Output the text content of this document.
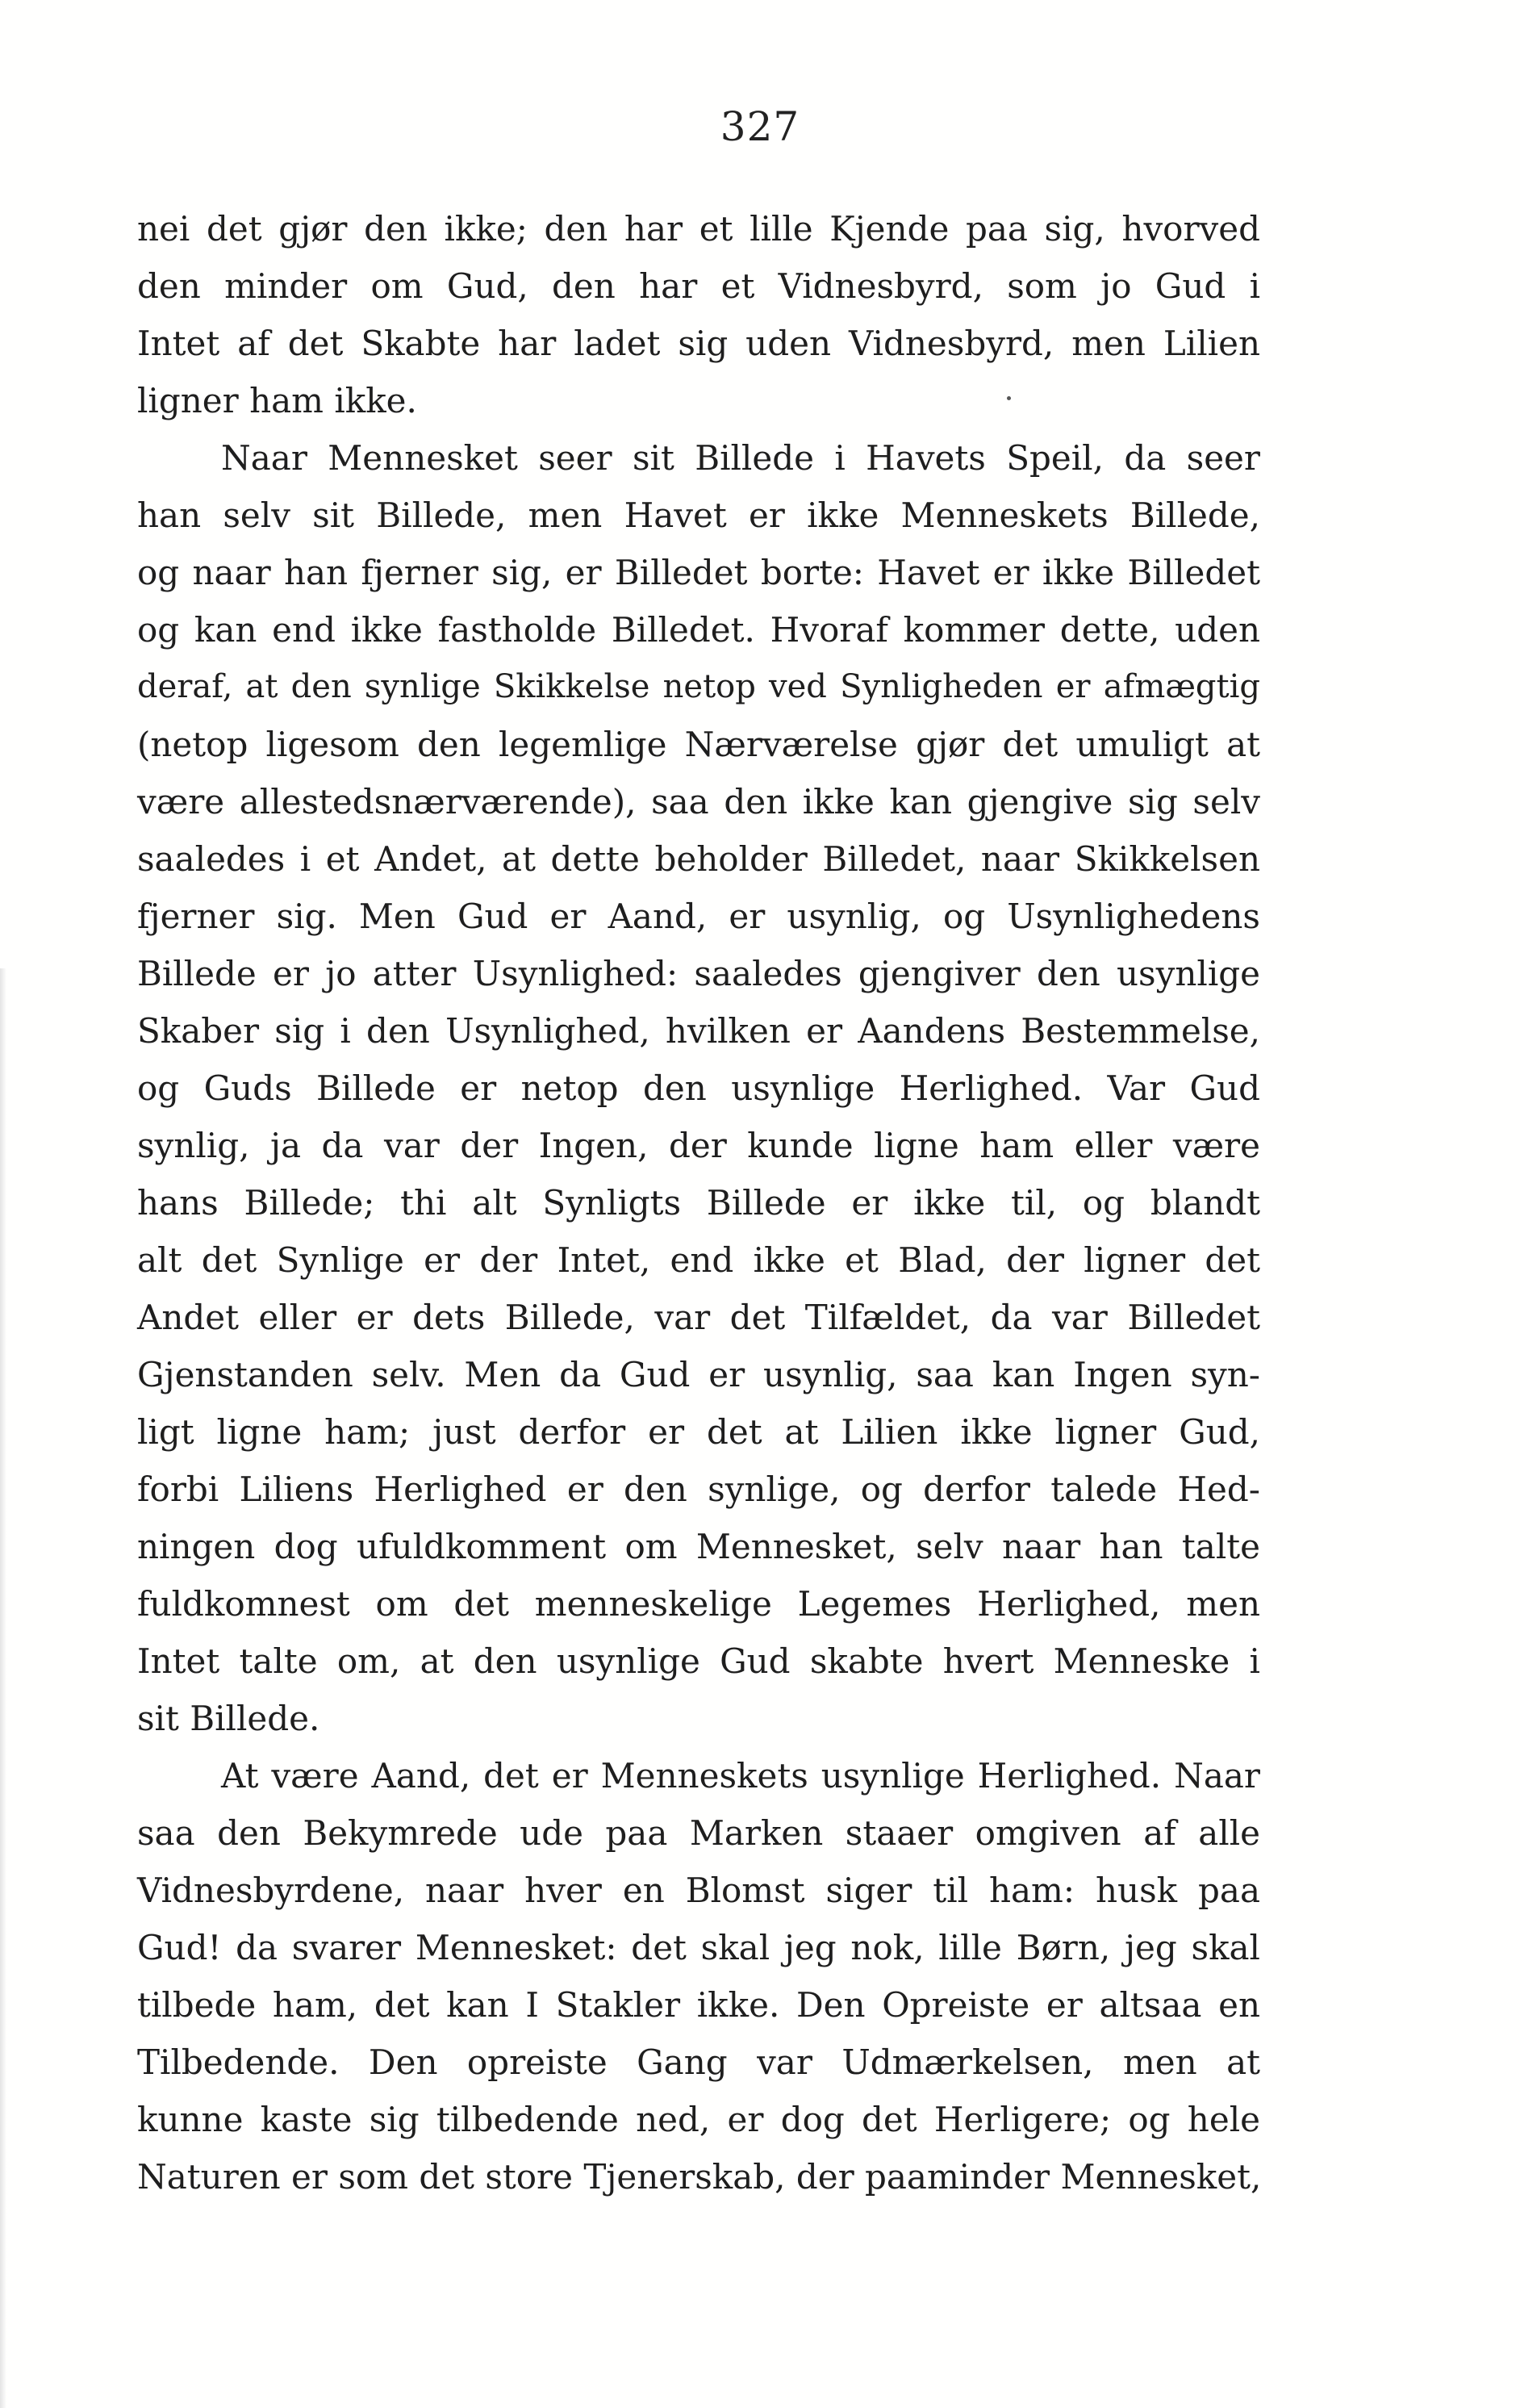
327
nei det gjør den ikke; den har et lille Kjende paa sig, hvorved
den minder om Gud, den har et Vidnesbyrd, som jo Gud i
Intet af det Skabte har ladet sig uden Vidnesbyrd, men Lilien
ligner ham ikke.
Naar Mennesket seer sit Billede i Havets Speil, da seer
han selv sit Billede, men Havet er ikke Menneskets Billede,
og naar han fjerner sig, er Billedet borte: Havet er ikke Billedet
og kan end ikke fastholde Billedet. Hvoraf kommer dette, uden
deraf, at den synlige Skikkelse netop ved Synligheden er afmægtig
(netop ligesom den legemlige Nærværelse gjør det umuligt at
være allestedsnærværende), saa den ikke kan gjengive sig selv
saaledes i et Andet, at dette beholder Billedet, naar Skikkelsen
fjerner sig. Men Gud er Aand, er usynlig, og Usynlighedens
Billede er jo atter Usynlighed: saaledes gjengiver den usynlige
Skaber sig i den Usynlighed, hvilken er Aandens Bestemmelse,
og Guds Billede er netop den usynlige Herlighed. Var Gud
synlig, ja da var der Ingen, der kunde ligne ham eller være
hans Billede; thi alt Synligts Billede er ikke til, og blandt
alt det Synlige er der Intet, end ikke et Blad, der ligner det
Andet eller er dets Billede, var det Tilfældet, da var Billedet
Gjenstanden selv. Men da Gud er usynlig, saa kan Ingen syn-
ligt ligne ham; just derfor er det at Lilien ikke ligner Gud,
forbi Liliens Herlighed er den synlige, og derfor talede Hed-
ningen dog ufuldkomment om Mennesket, selv naar han talte
fuldkomnest om det menneskelige Legemes Herlighed, men
Intet talte om, at den usynlige Gud skabte hvert Menneske i
sit Billede.
At være Aand, det er Menneskets usynlige Herlighed. Naar
saa den Bekymrede ude paa Marken staaer omgiven af alle
Vidnesbyrdene, naar hver en Blomst siger til ham: husk paa
Gud! da svarer Mennesket: det skal jeg nok, lille Børn, jeg skal
tilbede ham, det kan I Stakler ikke. Den Opreiste er altsaa en
Tilbedende. Den opreiste Gang var Udmærkelsen, men at
kunne kaste sig tilbedende ned, er dog det Herligere; og hele
Naturen er som det store Tjenerskab, der paaminder Mennesket,
